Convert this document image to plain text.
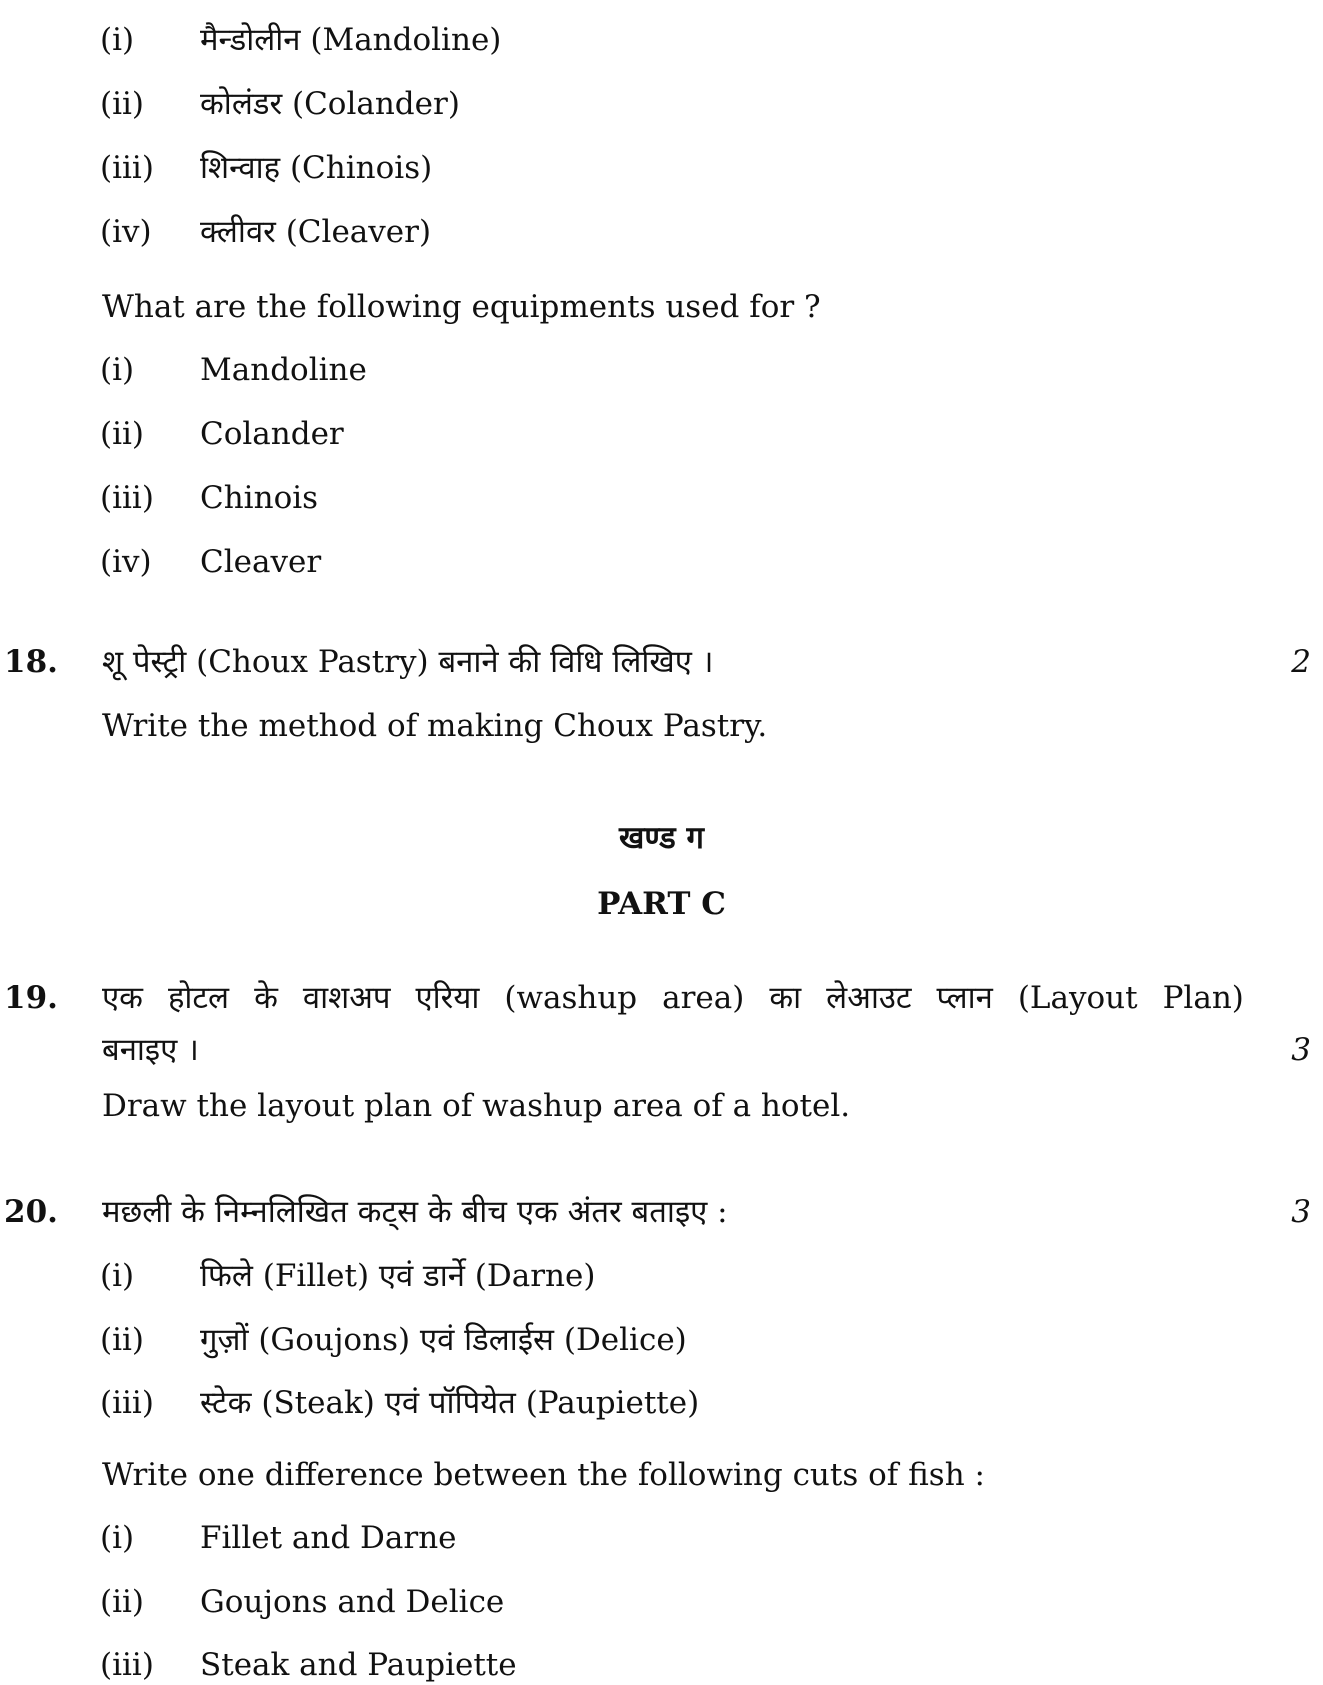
(i) मैन्डोलीन (Mandoline)
(ii) कोलंडर (Colander)
(iii) शिन्वाह (Chinois)
(iv) क्लीवर (Cleaver)
What are the following equipments used for ?
(i) Mandoline
(ii) Colander
(iii) Chinois
(iv) Cleaver
18. शू पेस्ट्री (Choux Pastry) बनाने की विधि लिखिए ।	2
Write the method of making Choux Pastry.
खण्ड ग
PART C
19. एक होटल के वाशअप एरिया (washup area) का लेआउट प्लान (Layout Plan)
बनाइए ।	3
Draw the layout plan of washup area of a hotel.
20. मछली के निम्नलिखित कट्स के बीच एक अंतर बताइए :	3
(i) फिले (Fillet) एवं डार्ने (Darne)
(ii) गुज़ों (Goujons) एवं डिलाईस (Delice)
(iii) स्टेक (Steak) एवं पॉपियेत (Paupiette)
Write one difference between the following cuts of fish :
(i) Fillet and Darne
(ii) Goujons and Delice
(iii) Steak and Paupiette
